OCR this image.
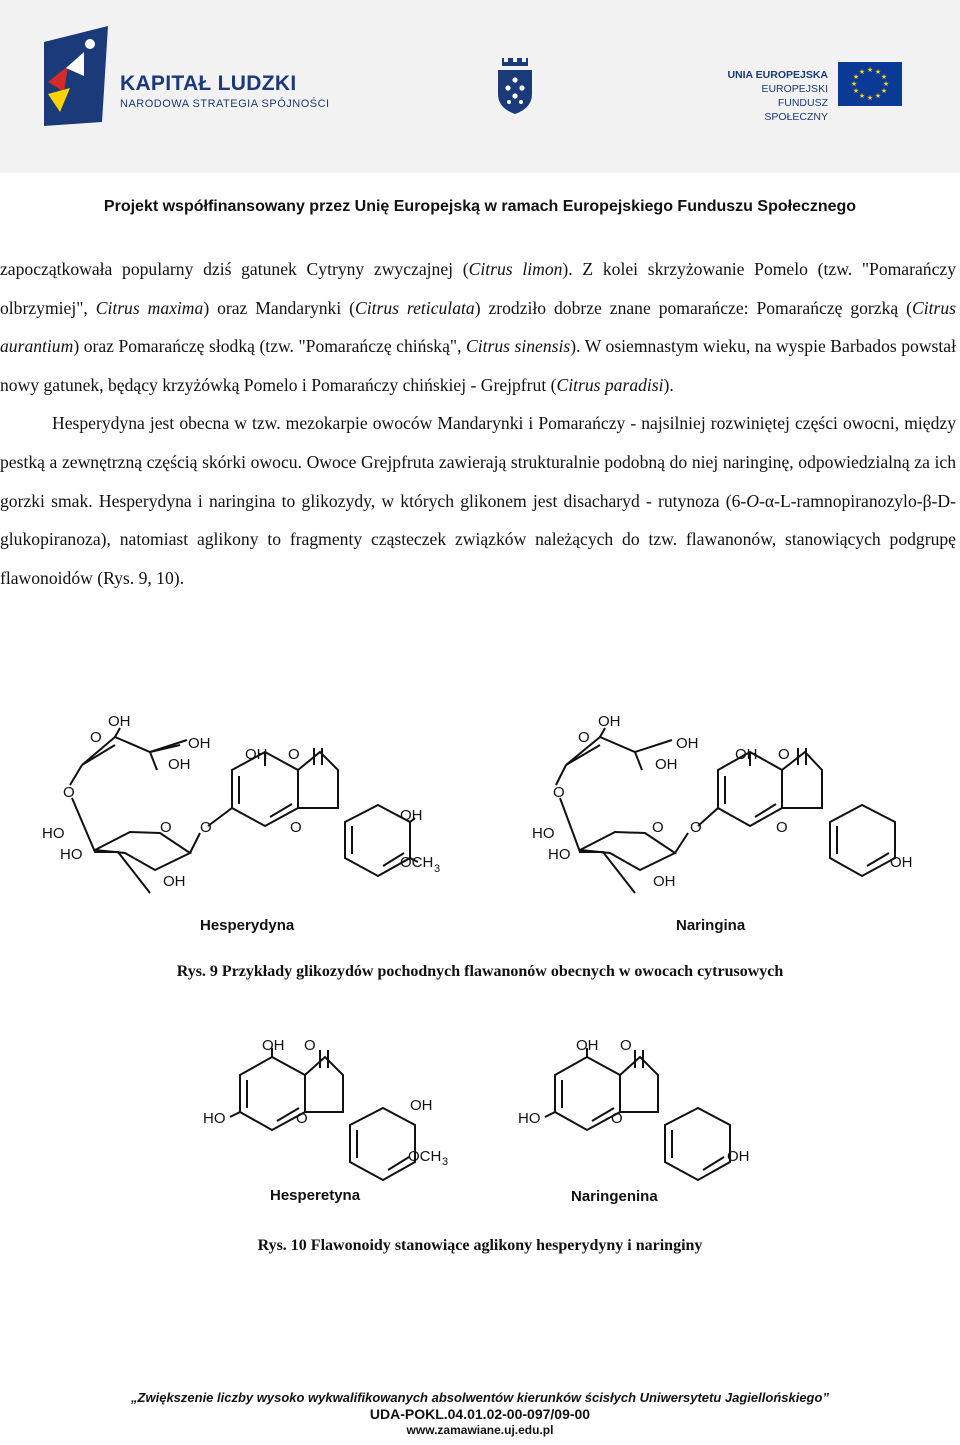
KAPITAŁ LUDZKI
NARODOWA STRATEGIA SPÓJNOŚCI
UNIA EUROPEJSKA
EUROPEJSKI
FUNDUSZ SPOŁECZNY
★ ★
★
★
★
★
★
★
★
★
★
★
Projekt współfinansowany przez Unię Europejską w ramach Europejskiego Funduszu Społecznego

zapoczątkowała popularny dziś gatunek Cytryny zwyczajnej (Citrus limon). Z kolei skrzyżowanie Pomelo (tzw. "Pomarańczy olbrzymiej", Citrus maxima) oraz Mandarynki (Citrus reticulata) zrodziło dobrze znane pomarańcze: Pomarańczę gorzką (Citrus aurantium) oraz Pomarańczę słodką (tzw. "Pomarańczę chińską", Citrus sinensis). W osiemnastym wieku, na wyspie Barbados powstał nowy gatunek, będący krzyżówką Pomelo i Pomarańczy chińskiej - Grejpfrut (Citrus paradisi).

Hesperydyna jest obecna w tzw. mezokarpie owoców Mandarynki i Pomarańczy - najsilniej rozwiniętej części owocni, między pestką a zewnętrzną częścią skórki owocu. Owoce Grejpfruta zawierają strukturalnie podobną do niej naringinę, odpowiedzialną za ich gorzki smak. Hesperydyna i naringina to glikozydy, w których glikonem jest disacharyd - rutynoza (6-O-α-L-ramnopiranozylo-β-D-glukopiranoza), natomiast aglikony to fragmenty cząsteczek związków należących do tzw. flawanonów, stanowiących podgrupę flawonoidów (Rys. 9, 10).

OH
O	OH
OH
OH O
O
O O	O
OH
HO
HO
OH
OCH 3
Hesperydyna
OH
O	OH
OH
OH O
O
O O	O
HO
HO
OH
OH
Naringina
Rys. 9 Przykłady glikozydów pochodnych flawanonów obecnych w owocach cytrusowych
OH O
HO	O
OH
OCH 3
Hesperetyna
OH O
HO	O
OH
Naringenina
Rys. 10 Flawonoidy stanowiące aglikony hesperydyny i naringiny
„Zwiększenie liczby wysoko wykwalifikowanych absolwentów kierunków ścisłych Uniwersytetu Jagiellońskiego”
UDA-POKL.04.01.02-00-097/09-00
www.zamawiane.uj.edu.pl
